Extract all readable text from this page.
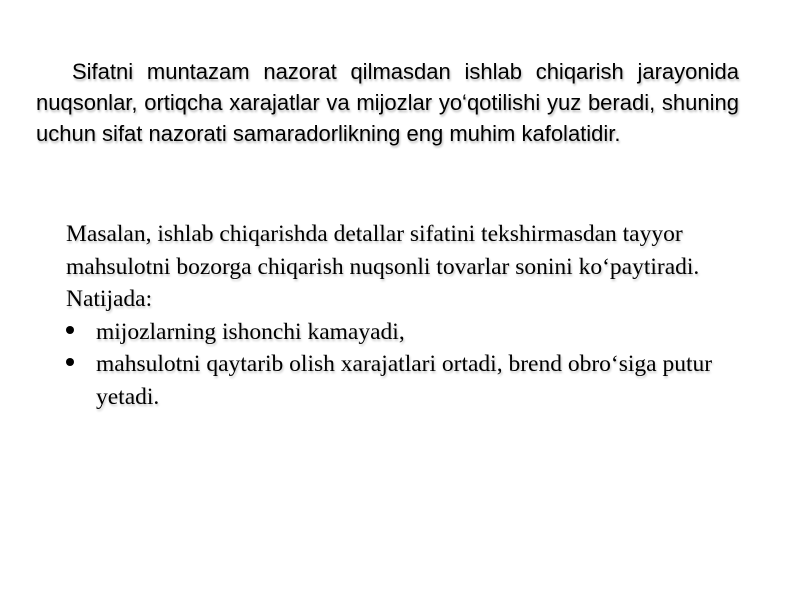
Sifatni muntazam nazorat qilmasdan ishlab chiqarish jarayonida nuqsonlar, ortiqcha xarajatlar va mijozlar yo‘qotilishi yuz beradi, shuning uchun sifat nazorati samaradorlikning eng muhim kafolatidir.

Masalan, ishlab chiqarishda detallar sifatini tekshirmasdan tayyor mahsulotni bozorga chiqarish nuqsonli tovarlar sonini ko‘paytiradi.

Natijada:

mijozlarning ishonchi kamayadi,
mahsulotni qaytarib olish xarajatlari ortadi, brend obro‘siga putur yetadi.
